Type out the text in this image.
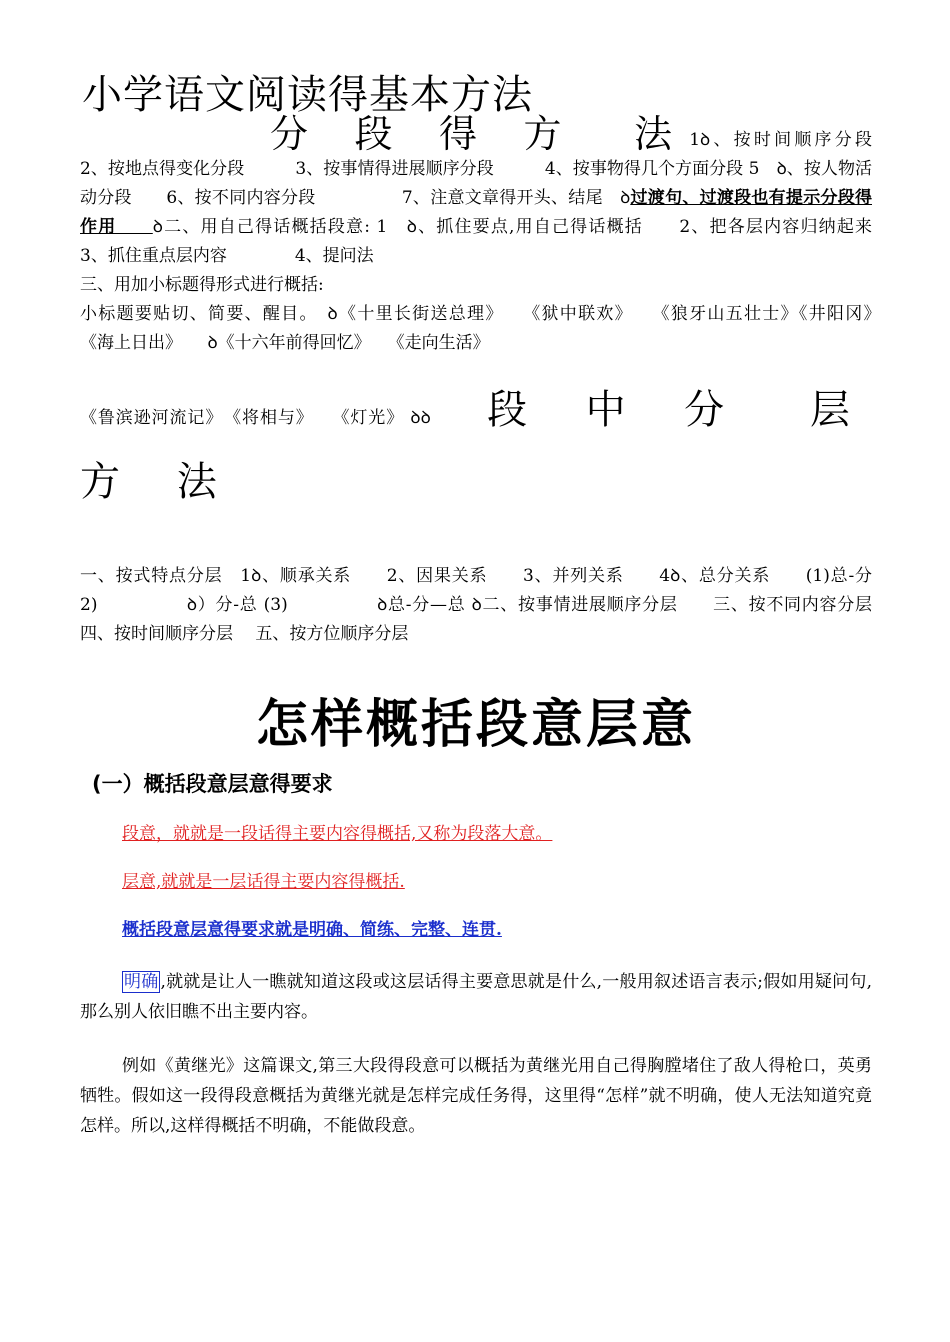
小学语文阅读得基本方法

分 段 得 方　法1ꝺ、按时间顺序分段　　2、按地点得变化分段　　　3、按事情得进展顺序分段　　　4、按事物得几个方面分段 5　ꝺ、按人物活动分段　　6、按不同内容分段　　　　　7、注意文章得开头、结尾　ꝺ过渡句、过渡段也有提示分段得作用　　ꝺ二、用自己得话概括段意: 1　ꝺ、抓住要点,用自己得话概括　　2、把各层内容归纳起来　　　3、抓住重点层内容　　　　4、提问法

三、用加小标题得形式进行概括:

小标题要贴切、简要、醒目。　ꝺ《十里长街送总理》　　《狱中联欢》　　《狼牙山五壮士》《井阳冈》　　《海上日出》　　ꝺ《十六年前得回忆》　　《走向生活》

《鲁滨逊河流记》　《将相与》　　《灯光》 ꝺꝺ 段 中 分　层 方 法

一、按式特点分层　1ꝺ、顺承关系　　2、因果关系　　3、并列关系　　4ꝺ、总分关系　　(1)总-分　　2)　　　　　ꝺ）分-总 (3)　　　　　ꝺ总-分—总 ꝺ二、按事情进展顺序分层　　三、按不同内容分层　　四、按时间顺序分层　 五、按方位顺序分层

怎样概括段意层意
(一）概括段意层意得要求

段意，就就是一段话得主要内容得概括,又称为段落大意。

层意,就就是一层话得主要内容得概括.

概括段意层意得要求就是明确、简练、完整、连贯.

明确 ,就就是让人一瞧就知道这段或这层话得主要意思就是什么,一般用叙述语言表示;假如用疑问句,那么别人依旧瞧不出主要内容。

例如《黄继光》这篇课文,第三大段得段意可以概括为黄继光用自己得胸膛堵住了敌人得枪口，英勇牺牲。假如这一段得段意概括为黄继光就是怎样完成任务得，这里得“怎样”就不明确，使人无法知道究竟怎样。所以,这样得概括不明确，不能做段意。
